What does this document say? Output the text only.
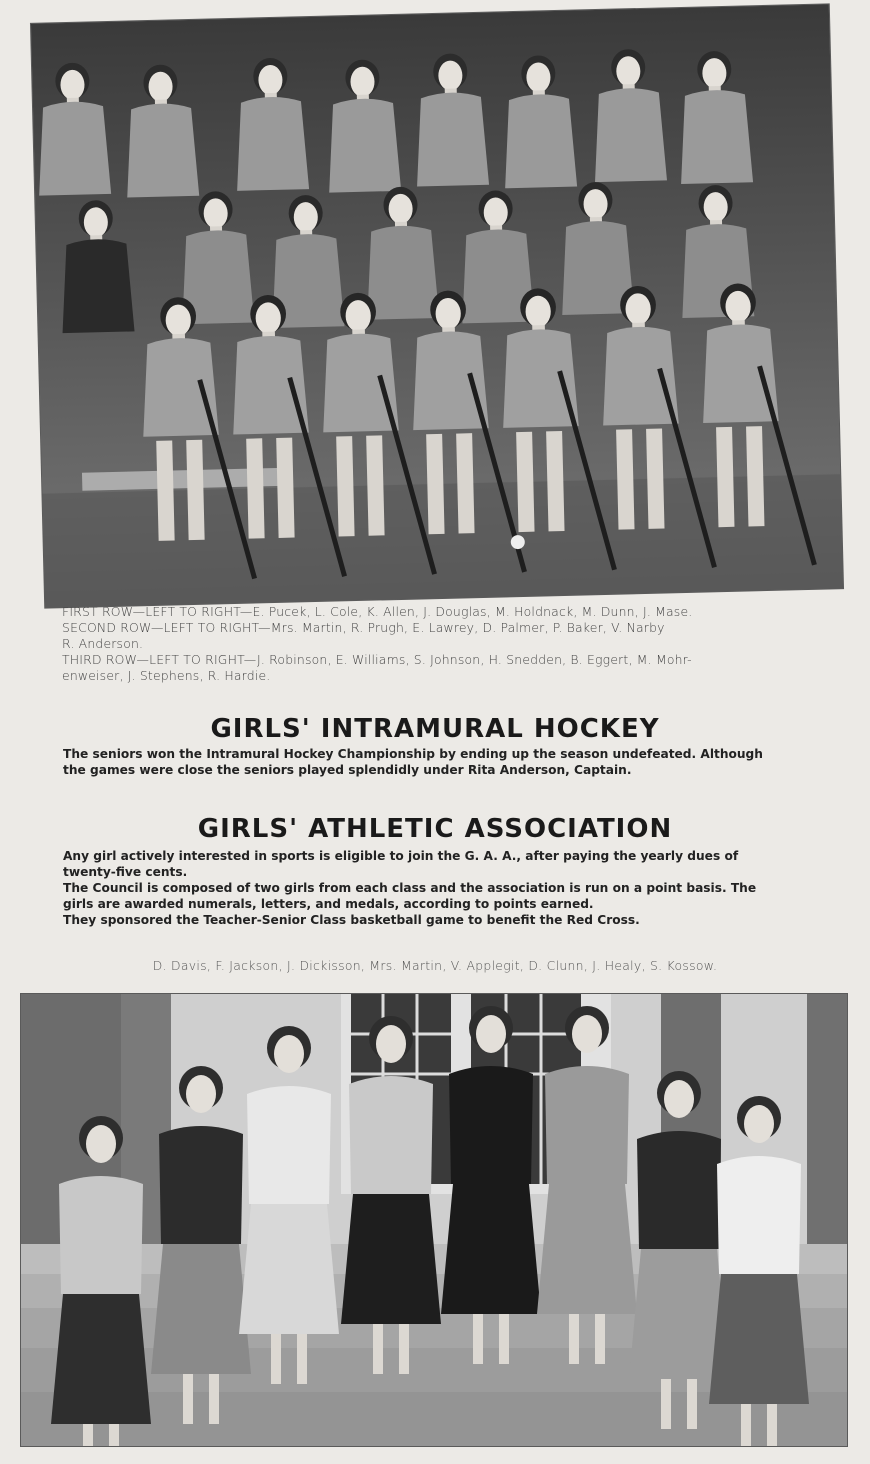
FIRST ROW—LEFT TO RIGHT—E. Pucek, L. Cole, K. Allen, J. Douglas, M. Holdnack, M. Dunn, J. Mase.

SECOND ROW—LEFT TO RIGHT—Mrs. Martin, R. Prugh, E. Lawrey, D. Palmer, P. Baker, V. Narby

R. Anderson.

THIRD ROW—LEFT TO RIGHT—J. Robinson, E. Williams, S. Johnson, H. Snedden, B. Eggert, M. Mohr-

enweiser, J. Stephens, R. Hardie.

GIRLS' INTRAMURAL HOCKEY

The seniors won the Intramural Hockey Championship by ending up the season undefeated. Although

the games were close the seniors played splendidly under Rita Anderson, Captain.

GIRLS' ATHLETIC ASSOCIATION

Any girl actively interested in sports is eligible to join the G. A. A., after paying the yearly dues of

twenty-five cents.

The Council is composed of two girls from each class and the association is run on a point basis. The

girls are awarded numerals, letters, and medals, according to points earned.

They sponsored the Teacher-Senior Class basketball game to benefit the Red Cross.

D. Davis, F. Jackson, J. Dickisson, Mrs. Martin, V. Applegit, D. Clunn, J. Healy, S. Kossow.
